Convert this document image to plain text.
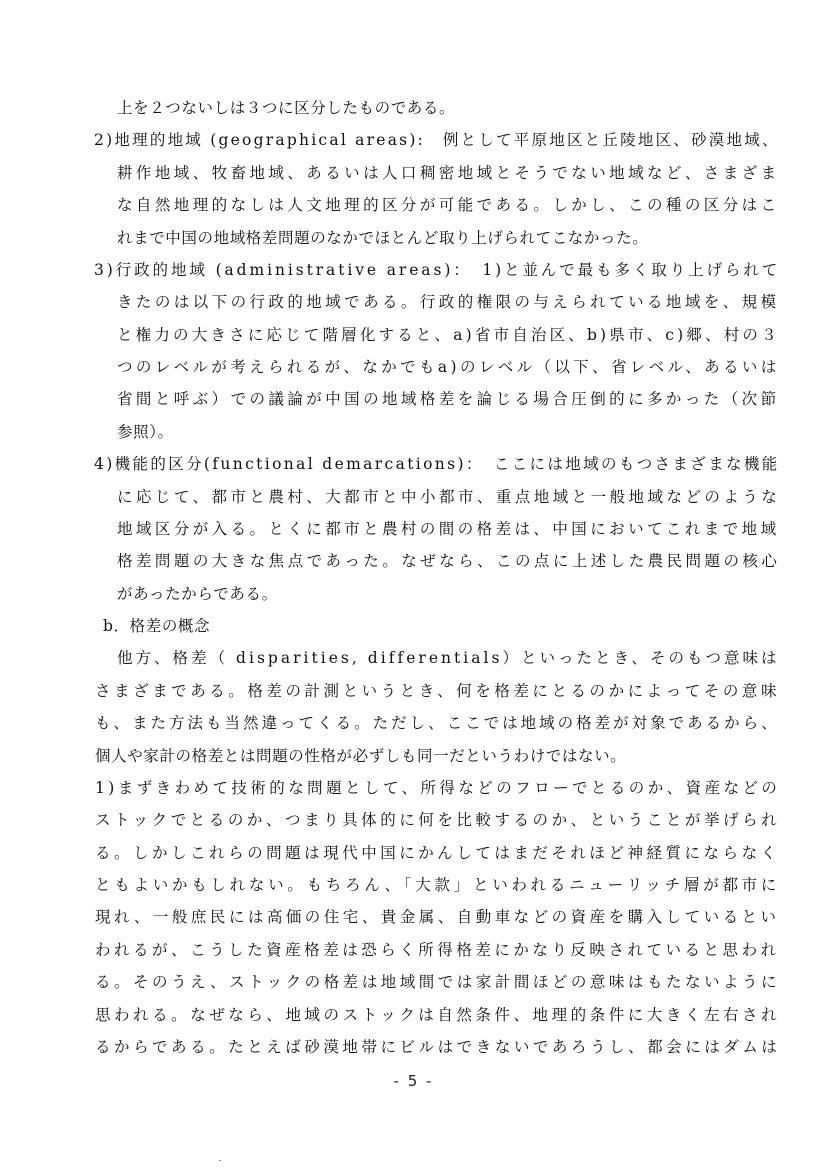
上を２つないしは３つに区分したものである。
2)地理的地域 (geographical areas):　例として平原地区と丘陵地区、砂漠地域、
耕作地域、牧畜地域、あるいは人口稠密地域とそうでない地域など、さまざま
な自然地理的なしは人文地理的区分が可能である。しかし、この種の区分はこ
れまで中国の地域格差問題のなかでほとんど取り上げられてこなかった。
3)行政的地域 (administrative areas)：　1)と並んで最も多く取り上げられて
きたのは以下の行政的地域である。行政的権限の与えられている地域を、規模
と権力の大きさに応じて階層化すると、a)省市自治区、b)県市、c)郷、村の３
つのレベルが考えられるが、なかでもa)のレベル（以下、省レベル、あるいは
省間と呼ぶ）での議論が中国の地域格差を論じる場合圧倒的に多かった（次節
参照）。
4)機能的区分(functional demarcations)：　ここには地域のもつさまざまな機能
に応じて、都市と農村、大都市と中小都市、重点地域と一般地域などのような
地域区分が入る。とくに都市と農村の間の格差は、中国においてこれまで地域
格差問題の大きな焦点であった。なぜなら、この点に上述した農民問題の核心
があったからである。
b．格差の概念
他方、格差（ disparities, differentials）といったとき、そのもつ意味は
さまざまである。格差の計測というとき、何を格差にとるのかによってその意味
も、また方法も当然違ってくる。ただし、ここでは地域の格差が対象であるから、
個人や家計の格差とは問題の性格が必ずしも同一だというわけではない。
1)まずきわめて技術的な問題として、所得などのフローでとるのか、資産などの
ストックでとるのか、つまり具体的に何を比較するのか、ということが挙げられ
る。しかしこれらの問題は現代中国にかんしてはまだそれほど神経質にならなく
ともよいかもしれない。もちろん、「大款」といわれるニューリッチ層が都市に
現れ、一般庶民には高価の住宅、貴金属、自動車などの資産を購入しているとい
われるが、こうした資産格差は恐らく所得格差にかなり反映されていると思われ
る。そのうえ、ストックの格差は地域間では家計間ほどの意味はもたないように
思われる。なぜなら、地域のストックは自然条件、地理的条件に大きく左右され
るからである。たとえば砂漠地帯にビルはできないであろうし、都会にはダムは
- 5 -
